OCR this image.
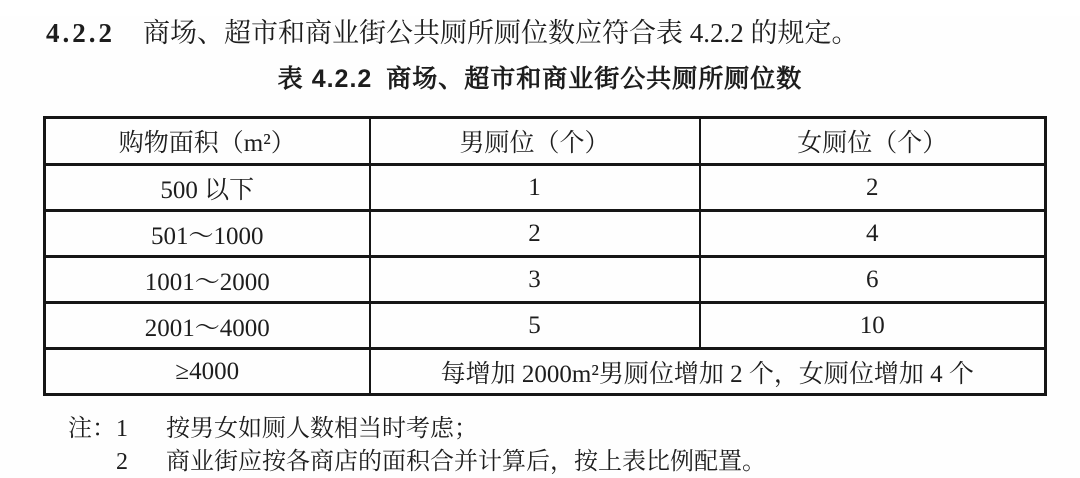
4.2.2 商场、超市和商业街公共厕所厕位数应符合表 4.2.2 的规定。
表 4.2.2 商场、超市和商业街公共厕所厕位数
购物面积（m²）	男厕位（个）	女厕位（个）
500 以下	1	2
501～1000	2	4
1001～2000	3	6
2001～4000	5	10
≥4000	每增加 2000m²男厕位增加 2 个，女厕位增加 4 个	
注： 1	按男女如厕人数相当时考虑；
2	商业街应按各商店的面积合并计算后，按上表比例配置。
